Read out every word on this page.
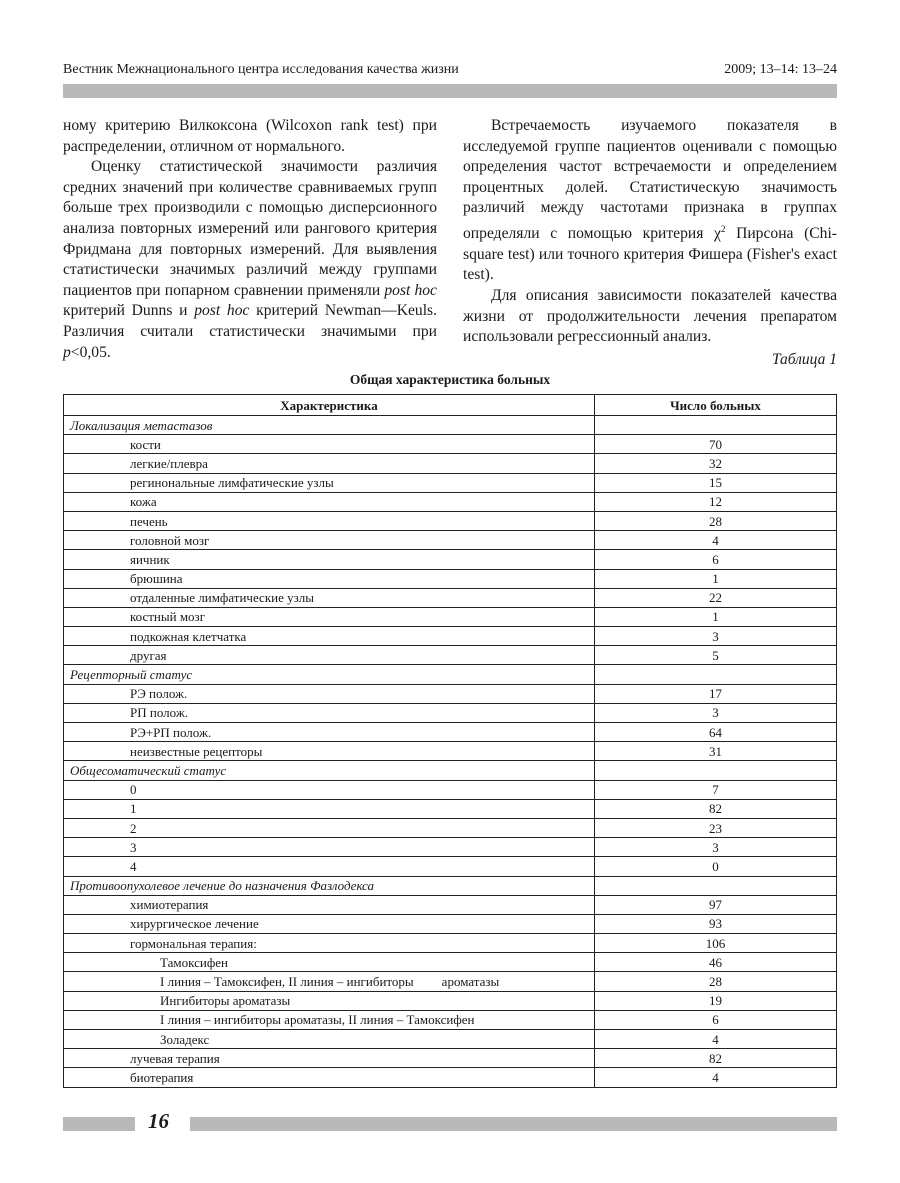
Вестник Межнационального центра исследования качества жизни	2009; 13–14: 13–24

ному критерию Вилкоксона (Wilcoxon rank test) при распределении, отличном от нормального.

Оценку статистической значимости различия средних значений при количестве сравниваемых групп больше трех производили с помощью дисперсионного анализа повторных измерений или рангового критерия Фридмана для повторных измерений. Для выявления статистически значимых различий между группами пациентов при попарном сравнении применяли post hoc критерий Dunns и post hoc критерий Newman—Keuls. Различия считали статистически значимыми при p<0,05.

Встречаемость изучаемого показателя в исследуемой группе пациентов оценивали с помощью определения частот встречаемости и определением процентных долей. Статистическую значимость различий между частотами признака в группах определяли с помощью критерия $\chi^2$ Пирсона (Chi-square test) или точного критерия Фишера (Fisher's exact test).

Для описания зависимости показателей качества жизни от продолжительности лечения препаратом использовали регрессионный анализ.

Таблица 1
Общая характеристика больных
Характеристика	Число больных
Локализация метастазов	
кости	70
легкие/плевра	32
регинональные лимфатические узлы	15
кожа	12
печень	28
головной мозг	4
яичник	6
брюшина	1
отдаленные лимфатические узлы	22
костный мозг	1
подкожная клетчатка	3
другая	5
Рецепторный статус	
РЭ полож.	17
РП полож.	3
РЭ+РП полож.	64
неизвестные рецепторы	31
Общесоматический статус	
0	7
1	82
2	23
3	3
4	0
Противоопухолевое лечение до назначения Фазлодекса	
химиотерапия	97
хирургическое лечение	93
гормональная терапия:	106
Тамоксифен	46
I линия – Тамоксифен, II линия – ингибиторы ароматазы	28
Ингибиторы ароматазы	19
I линия – ингибиторы ароматазы, II линия – Тамоксифен	6
Золадекс	4
лучевая терапия	82
биотерапия	4
16
